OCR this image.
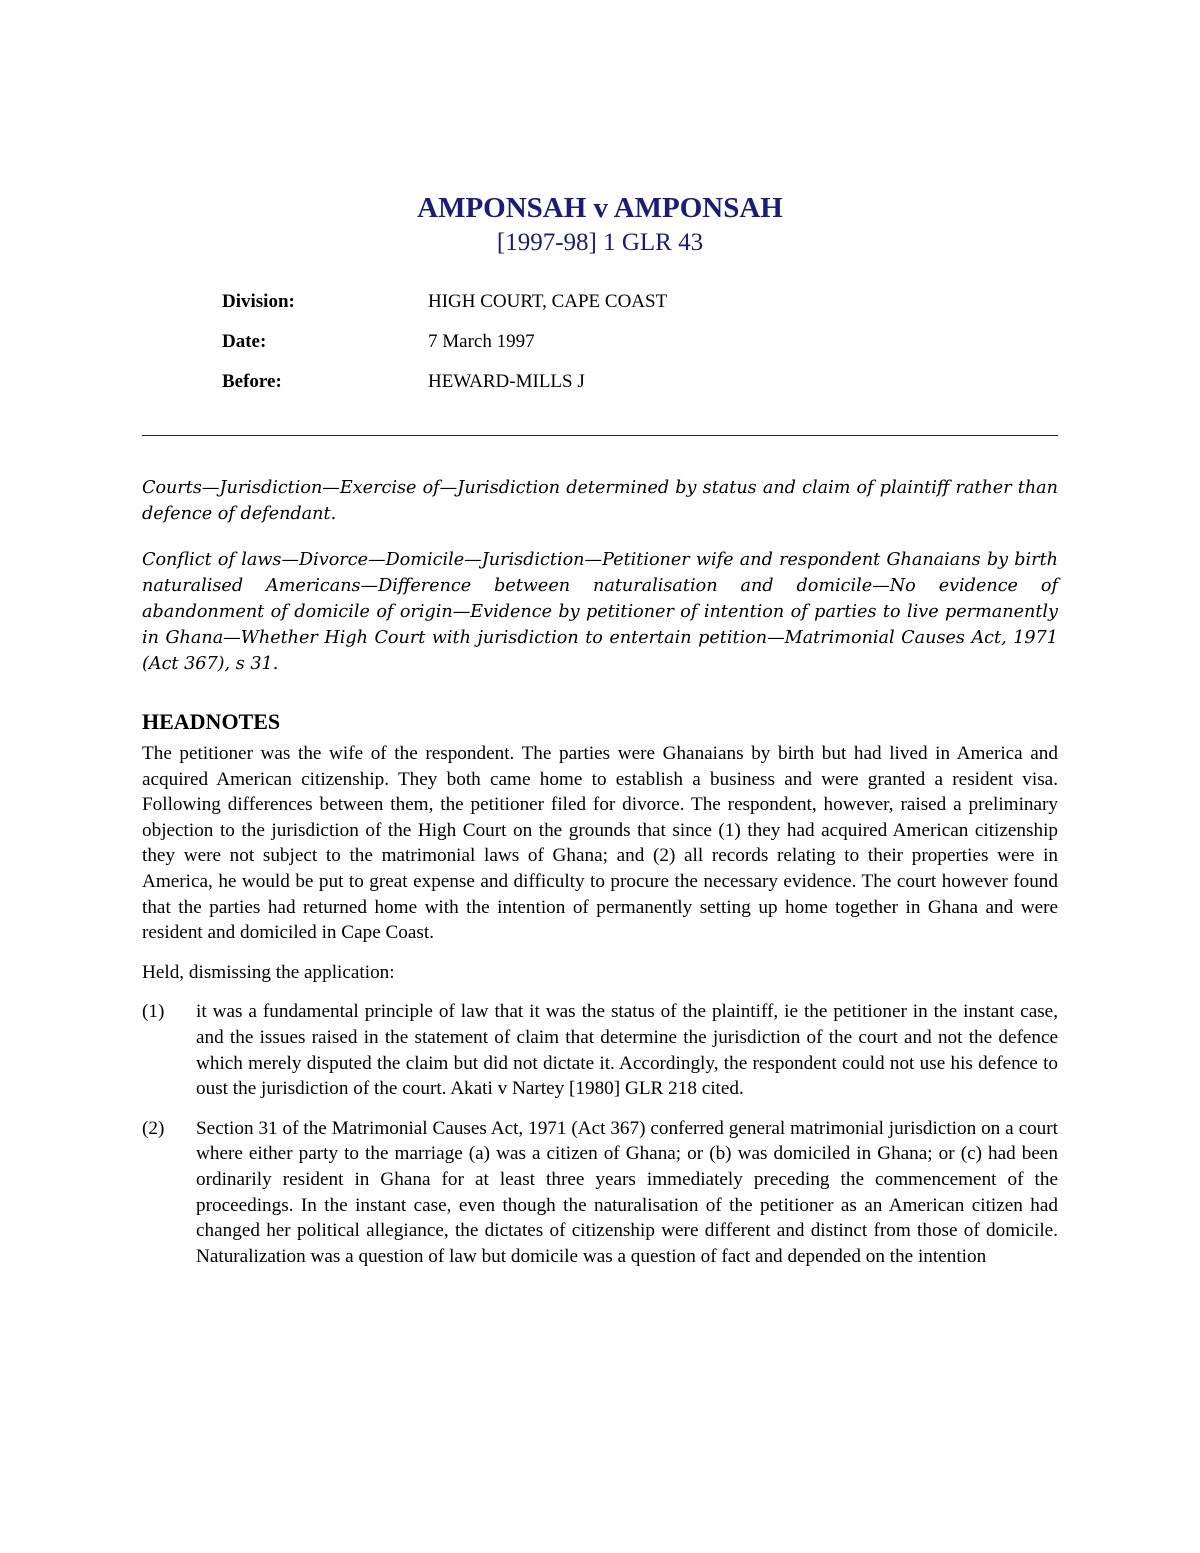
AMPONSAH v AMPONSAH

[1997-98] 1 GLR 43

Division:	HIGH COURT, CAPE COAST
Date:	7 March 1997
Before:	HEWARD-MILLS J

Courts—Jurisdiction—Exercise of—Jurisdiction determined by status and claim of plaintiff rather than defence of defendant.

Conflict of laws—Divorce—Domicile—Jurisdiction—Petitioner wife and respondent Ghanaians by birth naturalised Americans—Difference between naturalisation and domicile—No evidence of abandonment of domicile of origin—Evidence by petitioner of intention of parties to live permanently in Ghana—Whether High Court with jurisdiction to entertain petition—Matrimonial Causes Act, 1971 (Act 367), s 31.

HEADNOTES

The petitioner was the wife of the respondent. The parties were Ghanaians by birth but had lived in America and acquired American citizenship. They both came home to establish a business and were granted a resident visa. Following differences between them, the petitioner filed for divorce. The respondent, however, raised a preliminary objection to the jurisdiction of the High Court on the grounds that since (1) they had acquired American citizenship they were not subject to the matrimonial laws of Ghana; and (2) all records relating to their properties were in America, he would be put to great expense and difficulty to procure the necessary evidence. The court however found that the parties had returned home with the intention of permanently setting up home together in Ghana and were resident and domiciled in Cape Coast.

Held, dismissing the application:

(1)	it was a fundamental principle of law that it was the status of the plaintiff, ie the petitioner in the instant case, and the issues raised in the statement of claim that determine the jurisdiction of the court and not the defence which merely disputed the claim but did not dictate it. Accordingly, the respondent could not use his defence to oust the jurisdiction of the court. Akati v Nartey [1980] GLR 218 cited.
(2)	Section 31 of the Matrimonial Causes Act, 1971 (Act 367) conferred general matrimonial jurisdiction on a court where either party to the marriage (a) was a citizen of Ghana; or (b) was domiciled in Ghana; or (c) had been ordinarily resident in Ghana for at least three years immediately preceding the commencement of the proceedings. In the instant case, even though the naturalisation of the petitioner as an American citizen had changed her political allegiance, the dictates of citizenship were different and distinct from those of domicile. Naturalization was a question of law but domicile was a question of fact and depended on the intention
